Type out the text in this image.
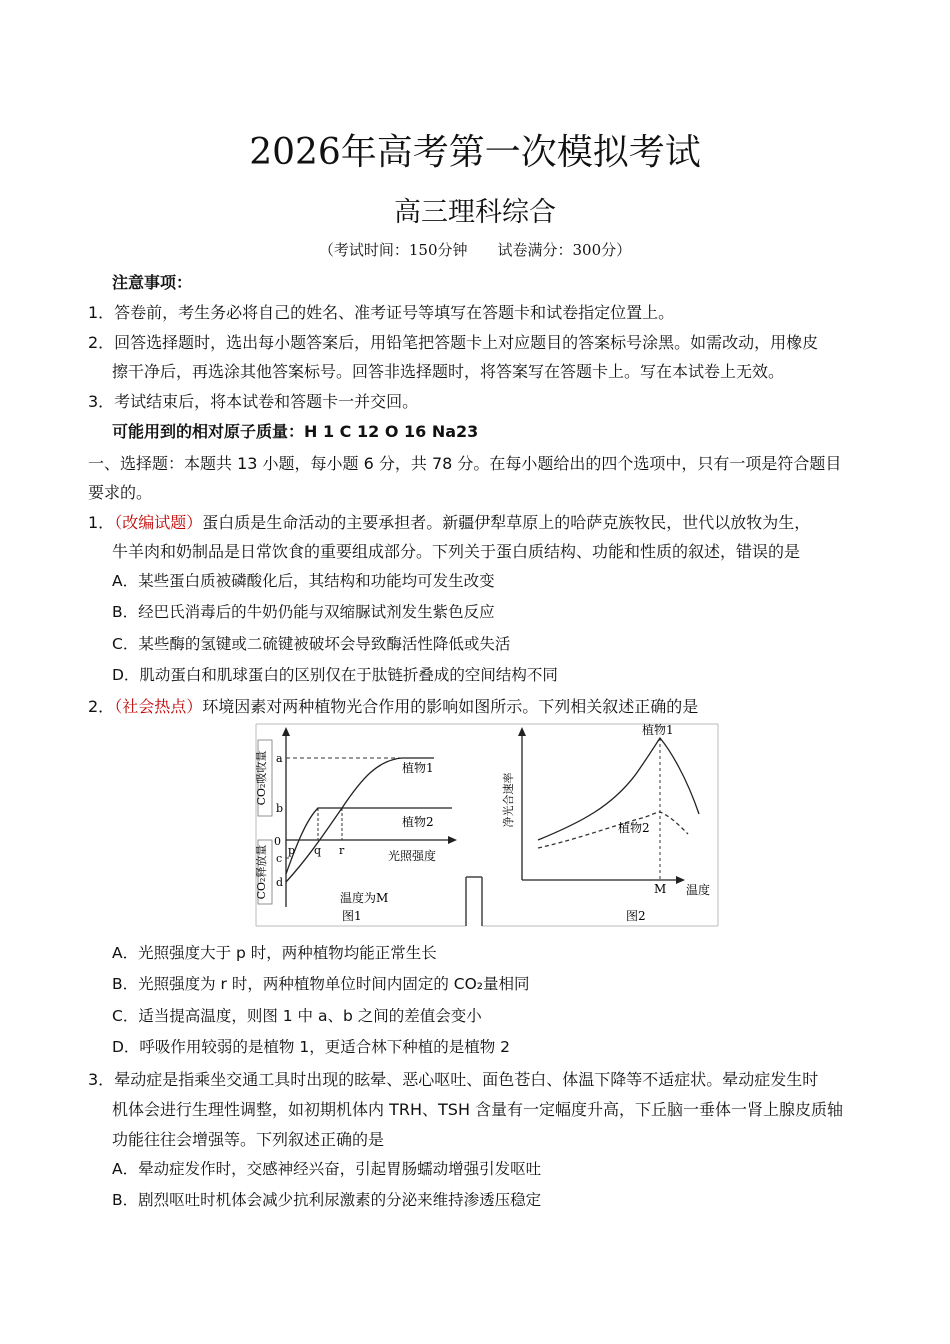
2026年高考第一次模拟考试
高三理科综合
（考试时间：150分钟　　试卷满分：300分）
注意事项：
1．答卷前，考生务必将自己的姓名、准考证号等填写在答题卡和试卷指定位置上。
2．回答选择题时，选出每小题答案后，用铅笔把答题卡上对应题目的答案标号涂黑。如需改动，用橡皮
擦干净后，再选涂其他答案标号。回答非选择题时，将答案写在答题卡上。写在本试卷上无效。
3．考试结束后，将本试卷和答题卡一并交回。
可能用到的相对原子质量：H 1 C 12 O 16 Na23
一、选择题：本题共 13 小题，每小题 6 分，共 78 分。在每小题给出的四个选项中，只有一项是符合题目
要求的。
1．（改编试题）蛋白质是生命活动的主要承担者。新疆伊犁草原上的哈萨克族牧民，世代以放牧为生，
牛羊肉和奶制品是日常饮食的重要组成部分。下列关于蛋白质结构、功能和性质的叙述，错误的是
A．某些蛋白质被磷酸化后，其结构和功能均可发生改变
B．经巴氏消毒后的牛奶仍能与双缩脲试剂发生紫色反应
C．某些酶的氢键或二硫键被破坏会导致酶活性降低或失活
D．肌动蛋白和肌球蛋白的区别仅在于肽链折叠成的空间结构不同
2．（社会热点）环境因素对两种植物光合作用的影响如图所示。下列相关叙述正确的是
CO₂吸收量
CO₂释放量
a
b
0
c
d
p q r	光照强度
植物1
植物2
温度为M
图1
净光合速率
植物1
植物2
M 温度
图2
A．光照强度大于 p 时，两种植物均能正常生长
B．光照强度为 r 时，两种植物单位时间内固定的 CO₂量相同
C．适当提高温度，则图 1 中 a、b 之间的差值会变小
D．呼吸作用较弱的是植物 1，更适合林下种植的是植物 2
3．晕动症是指乘坐交通工具时出现的眩晕、恶心呕吐、面色苍白、体温下降等不适症状。晕动症发生时
机体会进行生理性调整，如初期机体内 TRH、TSH 含量有一定幅度升高，下丘脑一垂体一肾上腺皮质轴
功能往往会增强等。下列叙述正确的是
A．晕动症发作时，交感神经兴奋，引起胃肠蠕动增强引发呕吐
B．剧烈呕吐时机体会减少抗利尿激素的分泌来维持渗透压稳定
